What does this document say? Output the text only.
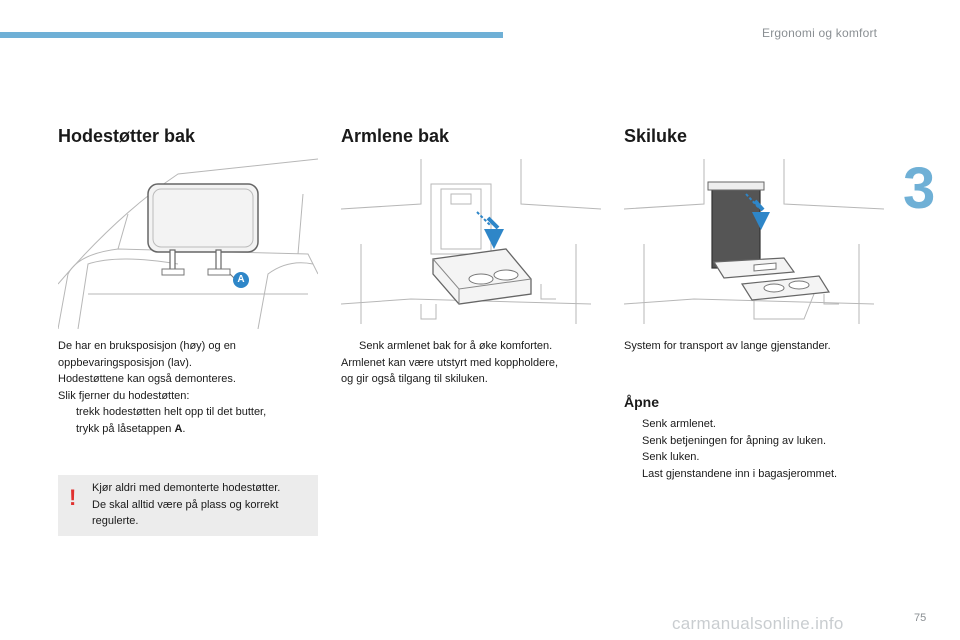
Ergonomi og komfort
3
Hodestøtter bak
A

De har en bruksposisjon (høy) og en

oppbevaringsposisjon (lav).

Hodestøttene kan også demonteres.

Slik fjerner du hodestøtten:

trekk hodestøtten helt opp til det butter,
trykk på låsetappen A.
! Kjør aldri med demonterte hodestøtter.
De skal alltid være på plass og korrekt
regulerte.
Armlene bak
Senk armlenet bak for å øke komforten.

Armlenet kan være utstyrt med koppholdere,

og gir også tilgang til skiluken.

Skiluke
System for transport av lange gjenstander.
Åpne
Senk armlenet.
Senk betjeningen for åpning av luken.
Senk luken.
Last gjenstandene inn i bagasjerommet.
carmanualsonline.info	75
